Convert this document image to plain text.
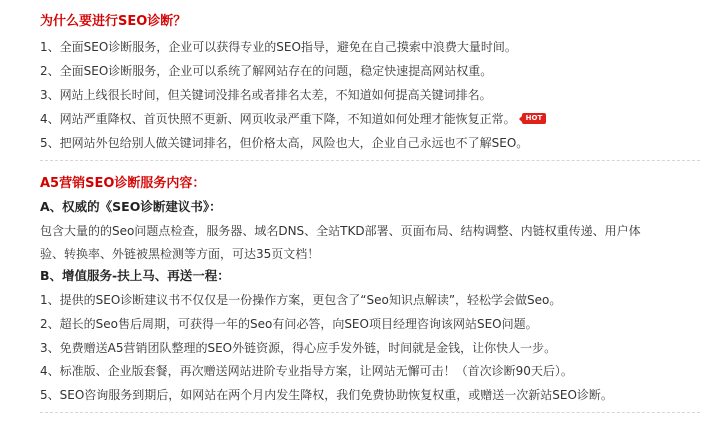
为什么要进行SEO诊断？
1、全面SEO诊断服务，企业可以获得专业的SEO指导，避免在自己摸索中浪费大量时间。
2、全面SEO诊断服务，企业可以系统了解网站存在的问题，稳定快速提高网站权重。
3、网站上线很长时间，但关键词没排名或者排名太差，不知道如何提高关键词排名。
4、网站严重降权、首页快照不更新、网页收录严重下降，不知道如何处理才能恢复正常。 HOT
5、把网站外包给别人做关键词排名，但价格太高，风险也大，企业自己永远也不了解SEO。
A5营销SEO诊断服务内容：
A、权威的《SEO诊断建议书》：
包含大量的的Seo问题点检查，服务器、域名DNS、全站TKD部署、页面布局、结构调整、内链权重传递、用户体
验、转换率、外链被黑检测等方面，可达35页文档！
B、增值服务-扶上马、再送一程：
1、提供的SEO诊断建议书不仅仅是一份操作方案，更包含了“Seo知识点解读”，轻松学会做Seo。
2、超长的Seo售后周期，可获得一年的Seo有问必答，向SEO项目经理咨询该网站SEO问题。
3、免费赠送A5营销团队整理的SEO外链资源，得心应手发外链，时间就是金钱，让你快人一步。
4、标准版、企业版套餐，再次赠送网站进阶专业指导方案，让网站无懈可击！（首次诊断90天后）。
5、SEO咨询服务到期后，如网站在两个月内发生降权，我们免费协助恢复权重，或赠送一次新站SEO诊断。
